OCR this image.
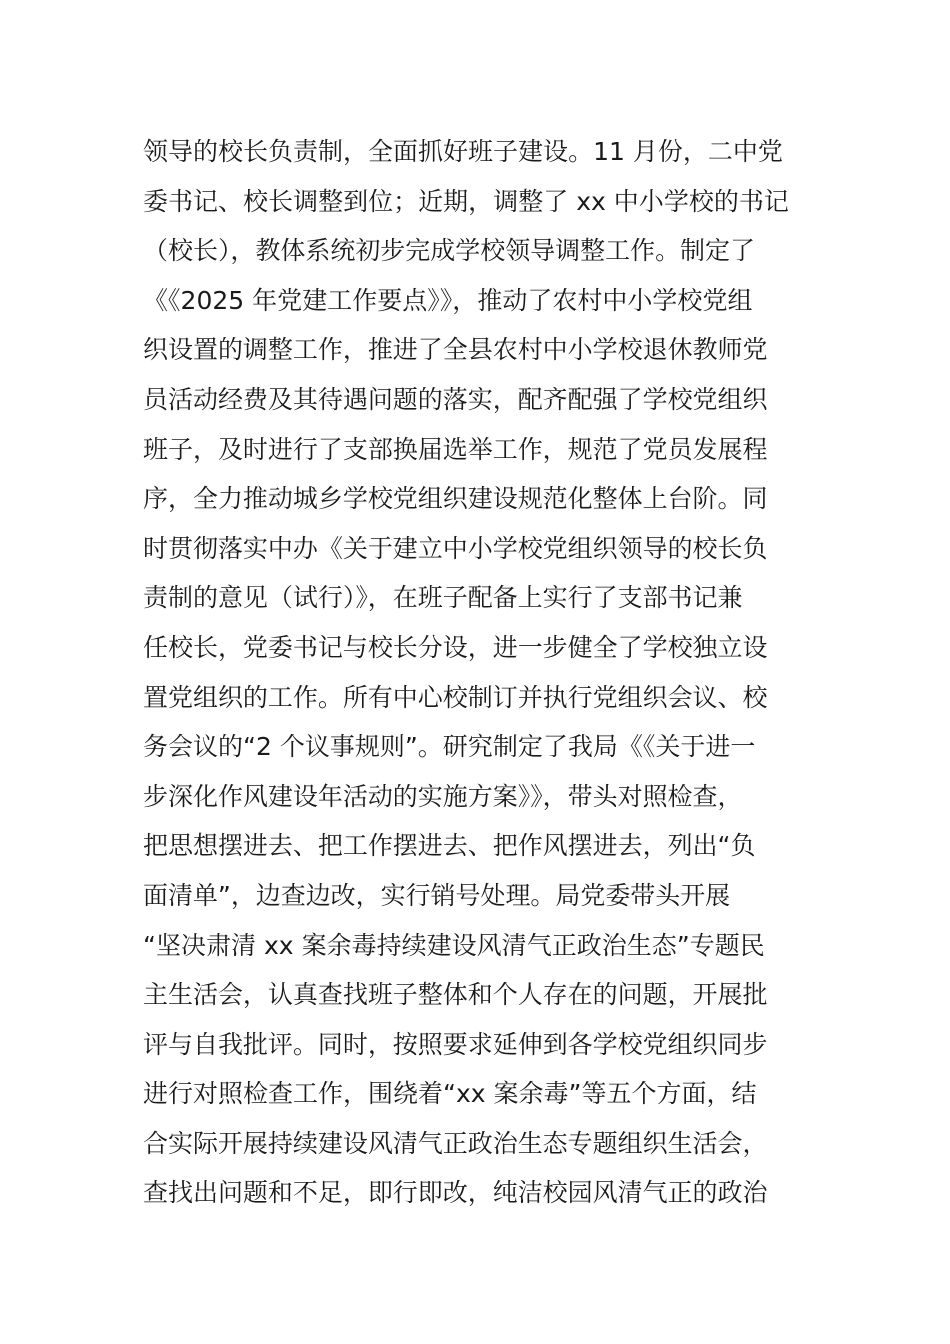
领导的校长负责制，全面抓好班子建设。11 月份，二中党
委书记、校长调整到位；近期，调整了 xx 中小学校的书记
（校长），教体系统初步完成学校领导调整工作。制定了
《《2025 年党建工作要点》》，推动了农村中小学校党组
织设置的调整工作，推进了全县农村中小学校退休教师党
员活动经费及其待遇问题的落实，配齐配强了学校党组织
班子，及时进行了支部换届选举工作，规范了党员发展程
序，全力推动城乡学校党组织建设规范化整体上台阶。同
时贯彻落实中办《关于建立中小学校党组织领导的校长负
责制的意见（试行）》，在班子配备上实行了支部书记兼
任校长，党委书记与校长分设，进一步健全了学校独立设
置党组织的工作。所有中心校制订并执行党组织会议、校
务会议的“2 个议事规则”。研究制定了我局《《关于进一
步深化作风建设年活动的实施方案》》，带头对照检查，
把思想摆进去、把工作摆进去、把作风摆进去，列出“负
面清单”，边查边改，实行销号处理。局党委带头开展
“坚决肃清 xx 案余毒持续建设风清气正政治生态”专题民
主生活会，认真查找班子整体和个人存在的问题，开展批
评与自我批评。同时，按照要求延伸到各学校党组织同步
进行对照检查工作，围绕着“xx 案余毒”等五个方面，结
合实际开展持续建设风清气正政治生态专题组织生活会，
查找出问题和不足，即行即改，纯洁校园风清气正的政治
